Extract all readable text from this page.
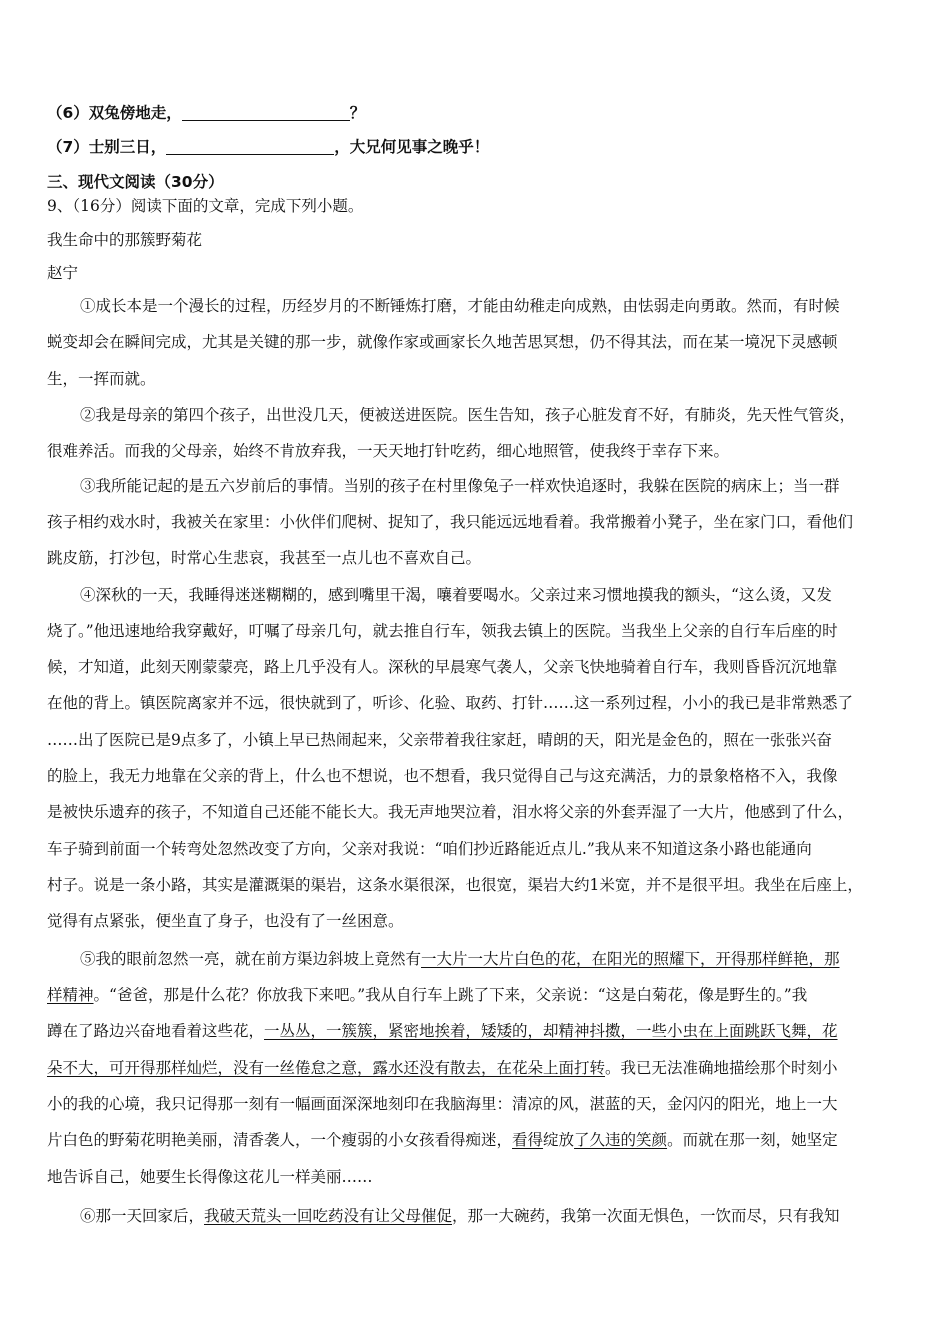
（6）双兔傍地走，	？
（7）士别三日，	，大兄何见事之晚乎！
三、现代文阅读（30分）
9、（16分）阅读下面的文章，完成下列小题。
我生命中的那簇野菊花
赵宁
①成长本是一个漫长的过程，历经岁月的不断锤炼打磨，才能由幼稚走向成熟，由怯弱走向勇敢。然而，有时候
蜕变却会在瞬间完成，尤其是关键的那一步，就像作家或画家长久地苦思冥想，仍不得其法，而在某一境况下灵感顿
生，一挥而就。
②我是母亲的第四个孩子，出世没几天，便被送进医院。医生告知，孩子心脏发育不好，有肺炎，先天性气管炎，
很难养活。而我的父母亲，始终不肯放弃我，一天天地打针吃药，细心地照管，使我终于幸存下来。
③我所能记起的是五六岁前后的事情。当别的孩子在村里像兔子一样欢快追逐时，我躲在医院的病床上；当一群
孩子相约戏水时，我被关在家里：小伙伴们爬树、捉知了，我只能远远地看着。我常搬着小凳子，坐在家门口，看他们
跳皮筋，打沙包，时常心生悲哀，我甚至一点儿也不喜欢自己。
④深秋的一天，我睡得迷迷糊糊的，感到嘴里干渴，嚷着要喝水。父亲过来习惯地摸我的额头，“这么烫，又发
烧了。”他迅速地给我穿戴好，叮嘱了母亲几句，就去推自行车，领我去镇上的医院。当我坐上父亲的自行车后座的时
候，才知道，此刻天刚蒙蒙亮，路上几乎没有人。深秋的早晨寒气袭人，父亲飞快地骑着自行车，我则昏昏沉沉地靠
在他的背上。镇医院离家并不远，很快就到了，听诊、化验、取药、打针……这一系列过程，小小的我已是非常熟悉了
……出了医院已是9点多了，小镇上早已热闹起来，父亲带着我往家赶，晴朗的天，阳光是金色的，照在一张张兴奋
的脸上，我无力地靠在父亲的背上，什么也不想说，也不想看，我只觉得自己与这充满活，力的景象格格不入，我像
是被快乐遗弃的孩子，不知道自己还能不能长大。我无声地哭泣着，泪水将父亲的外套弄湿了一大片，他感到了什么，
车子骑到前面一个转弯处忽然改变了方向，父亲对我说：“咱们抄近路能近点儿.”我从来不知道这条小路也能通向
村子。说是一条小路，其实是灌溉渠的渠岩，这条水渠很深，也很宽，渠岩大约1米宽，并不是很平坦。我坐在后座上，
觉得有点紧张，便坐直了身子，也没有了一丝困意。
⑤我的眼前忽然一亮，就在前方渠边斜坡上竟然有一大片一大片白色的花，在阳光的照耀下，开得那样鲜艳，那
样精神。“爸爸，那是什么花？你放我下来吧。”我从自行车上跳了下来，父亲说：“这是白菊花，像是野生的。”我
蹲在了路边兴奋地看着这些花，一丛丛，一簇簇，紧密地挨着，矮矮的，却精神抖擞，一些小虫在上面跳跃飞舞，花
朵不大，可开得那样灿烂，没有一丝倦怠之意，露水还没有散去，在花朵上面打转。我已无法准确地描绘那个时刻小
小的我的心境，我只记得那一刻有一幅画面深深地刻印在我脑海里：清凉的风，湛蓝的天，金闪闪的阳光，地上一大
片白色的野菊花明艳美丽，清香袭人，一个瘦弱的小女孩看得痴迷，看得绽放了久违的笑颜。而就在那一刻，她坚定
地告诉自己，她要生长得像这花儿一样美丽……
⑥那一天回家后，我破天荒头一回吃药没有让父母催促，那一大碗药，我第一次面无惧色，一饮而尽，只有我知
